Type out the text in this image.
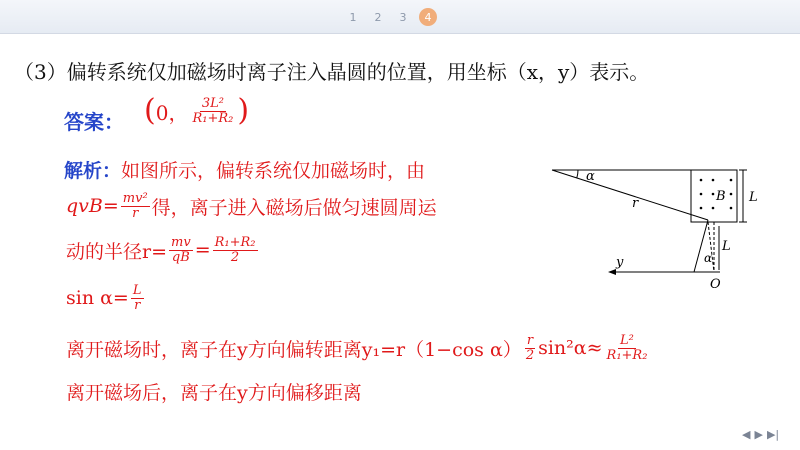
1	2	3	4
（3）偏转系统仅加磁场时离子注入晶圆的位置，用坐标（x，y）表示。
答案： ( 0， $\frac{\text{3L²}}{\text{R₁+R₂}}$ )
解析： 如图所示，偏转系统仅加磁场时，由
$qvB= \frac{\text{mv²}}{r}$ 得，离子进入磁场后做匀速圆周运
动的半径$r= \frac{mv}{qB} = \frac{\text{R₁+R₂}}{2}$
$\sin \alpha= \frac{L}{r}$
离开磁场时，离子在y方向偏转距离y₁=r（1−cos $\alpha) \frac{r}{2} \sin^2\alpha\approx \frac{\text{L²}}{\text{R₁+R₂}}$
离开磁场后，离子在y方向偏移距离
α
r	B L
L
α
y
O
◀ ▶ ▶|
